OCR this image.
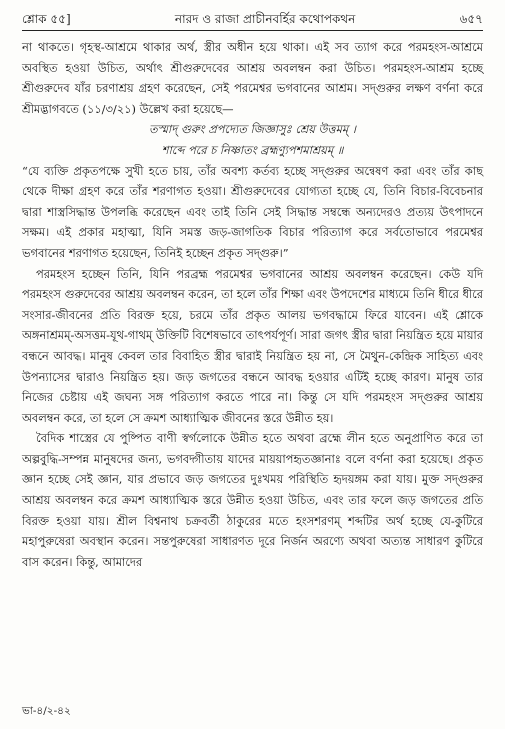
শ্লোক ৫৫]	নারদ ও রাজা প্রাচীনবর্হির কথোপকথন	৬৫৭

না থাকতে। গৃহস্থ-আশ্রমে থাকার অর্থ, স্ত্রীর অধীন হয়ে থাকা। এই সব ত্যাগ করে পরমহংস-আশ্রমে অবস্থিত হওয়া উচিত, অর্থাৎ শ্রীগুরুদেবের আশ্রয় অবলম্বন করা উচিত। পরমহংস-আশ্রম হচ্ছে শ্রীগুরুদেব যাঁর চরণাশ্রয় গ্রহণ করেছেন, সেই পরমেশ্বর ভগবানের আশ্রম। সদ্গুরুর লক্ষণ বর্ণনা করে শ্রীমদ্ভাগবতে (১১/৩/২১) উল্লেখ করা হয়েছে—

তস্মাদ্ গুরুং প্রপদ্যেত জিজ্ঞাসুঃ শ্রেয় উত্তমম্ ।

শাব্দে পরে চ নিষ্ণাতং ব্রহ্মণ্যুপশমাশ্রয়ম্ ॥

“যে ব্যক্তি প্রকৃতপক্ষে সুখী হতে চায়, তাঁর অবশ্য কর্তব্য হচ্ছে সদ্গুরুর অন্বেষণ করা এবং তাঁর কাছ থেকে দীক্ষা গ্রহণ করে তাঁর শরণাগত হওয়া। শ্রীগুরুদেবের যোগ্যতা হচ্ছে যে, তিনি বিচার-বিবেচনার দ্বারা শাস্ত্রসিদ্ধান্ত উপলব্ধি করেছেন এবং তাই তিনি সেই সিদ্ধান্ত সম্বন্ধে অন্যদেরও প্রত্যয় উৎপাদনে সক্ষম। এই প্রকার মহাত্মা, যিনি সমস্ত জড়-জাগতিক বিচার পরিত্যাগ করে সর্বতোভাবে পরমেশ্বর ভগবানের শরণাগত হয়েছেন, তিনিই হচ্ছেন প্রকৃত সদ্গুরু।”

পরমহংস হচ্ছেন তিনি, যিনি পরব্রহ্ম পরমেশ্বর ভগবানের আশ্রয় অবলম্বন করেছেন। কেউ যদি পরমহংস গুরুদেবের আশ্রয় অবলম্বন করেন, তা হলে তাঁর শিক্ষা এবং উপদেশের মাধ্যমে তিনি ধীরে ধীরে সংসার-জীবনের প্রতি বিরক্ত হয়ে, চরমে তাঁর প্রকৃত আলয় ভগবদ্ধামে ফিরে যাবেন। এই শ্লোকে অঙ্গনাশ্রমম্-অসত্তম-যূথ-গাথম্ উক্তিটি বিশেষভাবে তাৎপর্যপূর্ণ। সারা জগৎ স্ত্রীর দ্বারা নিয়ন্ত্রিত হয়ে মায়ার বন্ধনে আবদ্ধ। মানুষ কেবল তার বিবাহিত স্ত্রীর দ্বারাই নিয়ন্ত্রিত হয় না, সে মৈথুন-কেন্দ্রিক সাহিত্য এবং উপন্যাসের দ্বারাও নিয়ন্ত্রিত হয়। জড় জগতের বন্ধনে আবদ্ধ হওয়ার এটিই হচ্ছে কারণ। মানুষ তার নিজের চেষ্টায় এই জঘন্য সঙ্গ পরিত্যাগ করতে পারে না। কিন্তু সে যদি পরমহংস সদ্গুরুর আশ্রয় অবলম্বন করে, তা হলে সে ক্রমশ আধ্যাত্মিক জীবনের স্তরে উন্নীত হয়।

বৈদিক শাস্ত্রের যে পুষ্পিত বাণী স্বর্গলোকে উন্নীত হতে অথবা ব্রহ্মে লীন হতে অনুপ্রাণিত করে তা অল্পবুদ্ধি-সম্পন্ন মানুষদের জন্য, ভগবদ্গীতায় যাদের মায়য়াপহৃতজ্ঞানাঃ বলে বর্ণনা করা হয়েছে। প্রকৃত জ্ঞান হচ্ছে সেই জ্ঞান, যার প্রভাবে জড় জগতের দুঃখময় পরিস্থিতি হৃদয়ঙ্গম করা যায়। মুক্ত সদ্গুরুর আশ্রয় অবলম্বন করে ক্রমশ আধ্যাত্মিক স্তরে উন্নীত হওয়া উচিত, এবং তার ফলে জড় জগতের প্রতি বিরক্ত হওয়া যায়। শ্রীল বিশ্বনাথ চক্রবর্তী ঠাকুরের মতে হংসশরণম্ শব্দটির অর্থ হচ্ছে যে-কুটিরে মহাপুরুষেরা অবস্থান করেন। সন্তপুরুষেরা সাধারণত দূরে নির্জন অরণ্যে অথবা অত্যন্ত সাধারণ কুটিরে বাস করেন। কিন্তু, আমাদের

ভা-৪/২-৪২
